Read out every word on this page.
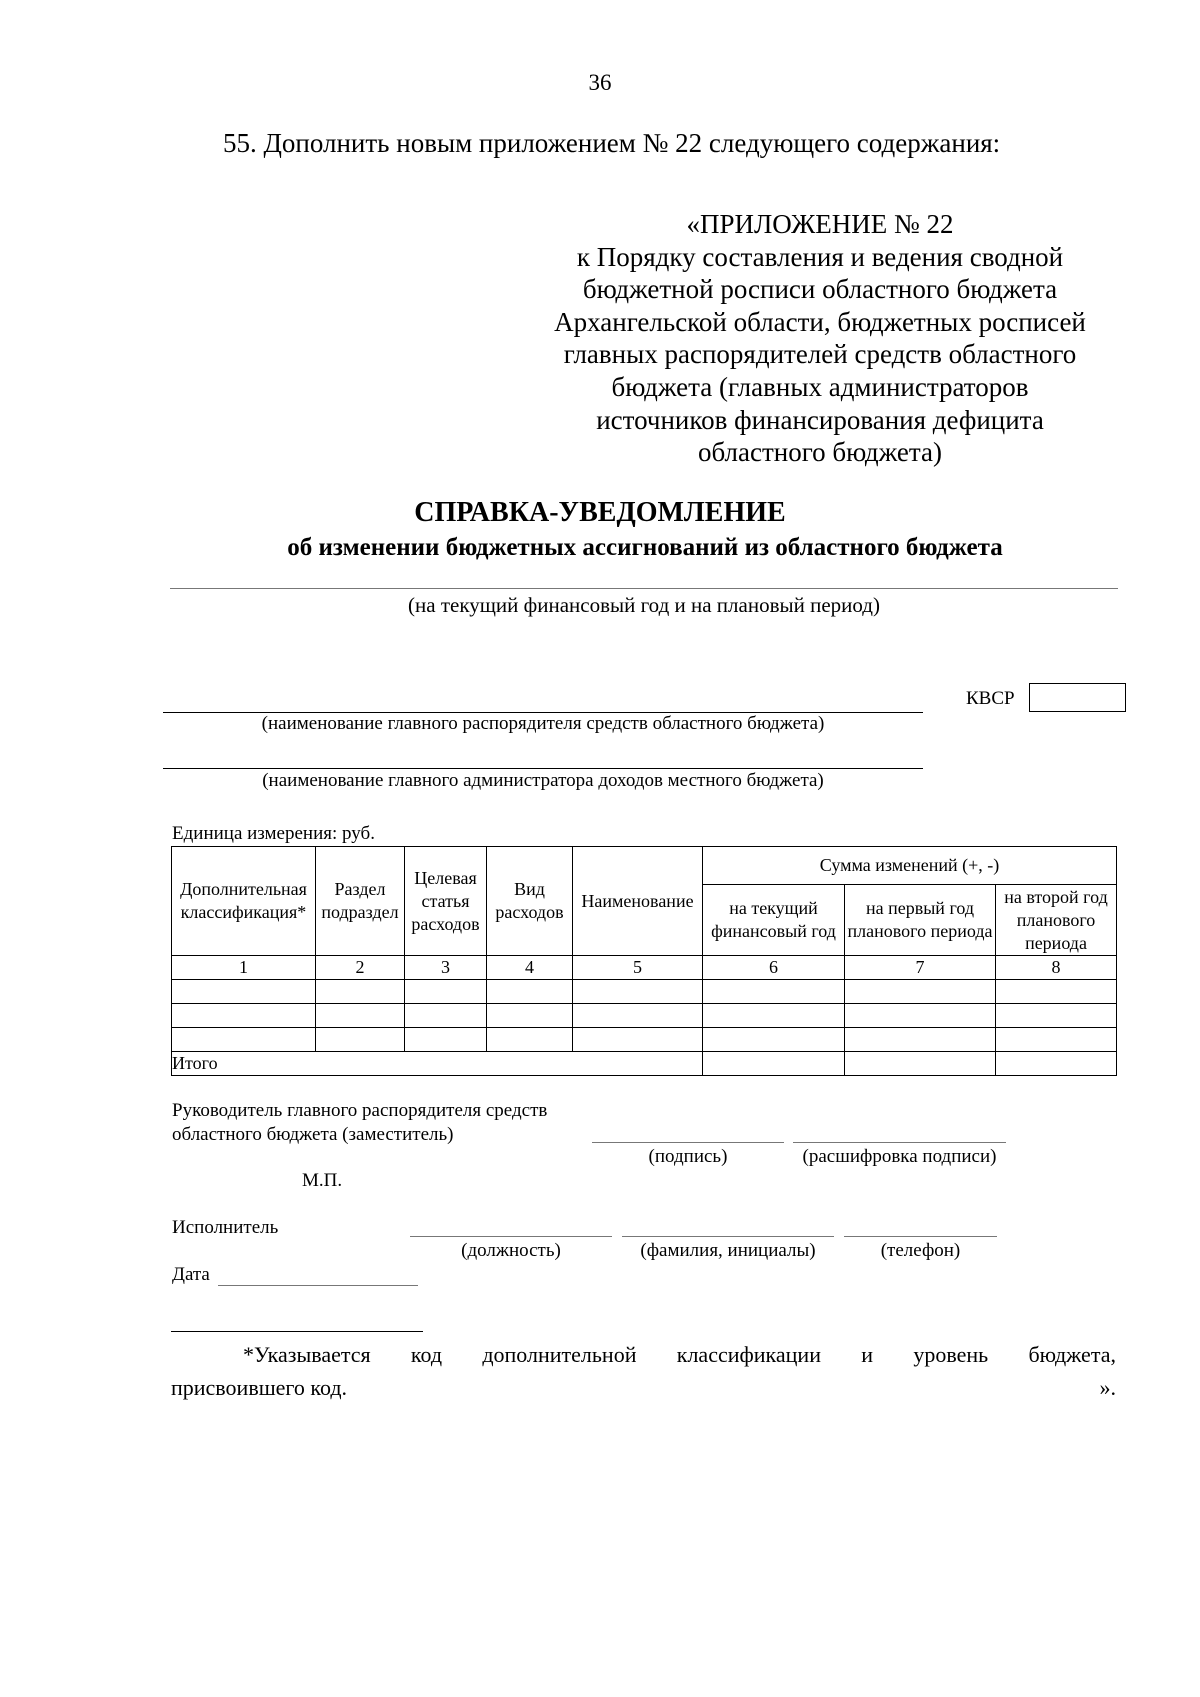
36
55. Дополнить новым приложением № 22 следующего содержания:
«ПРИЛОЖЕНИЕ № 22
к Порядку составления и ведения сводной
бюджетной росписи областного бюджета
Архангельской области, бюджетных росписей
главных распорядителей средств областного
бюджета (главных администраторов
источников финансирования дефицита
областного бюджета)
СПРАВКА-УВЕДОМЛЕНИЕ
об изменении бюджетных ассигнований из областного бюджета
(на текущий финансовый год и на плановый период)
КВСР
(наименование главного распорядителя средств областного бюджета)
(наименование главного администратора доходов местного бюджета)
Единица измерения: руб.
Дополнительная классификация*	Раздел подраздел	Целевая статья расходов	Вид расходов	Наименование	Сумма изменений (+, -)		
					на текущий финансовый год	на первый год планового периода	на второй год планового периода
1	2	3	4	5	6	7	8

Итого							
Руководитель главного распорядителя средств
областного бюджета (заместитель)
(подпись)	(расшифровка подписи)
М.П.
Исполнитель
(должность)	(фамилия, инициалы)	(телефон)
Дата
*Указывается код дополнительной классификации и уровень бюджета,
присвоившего код.	».
